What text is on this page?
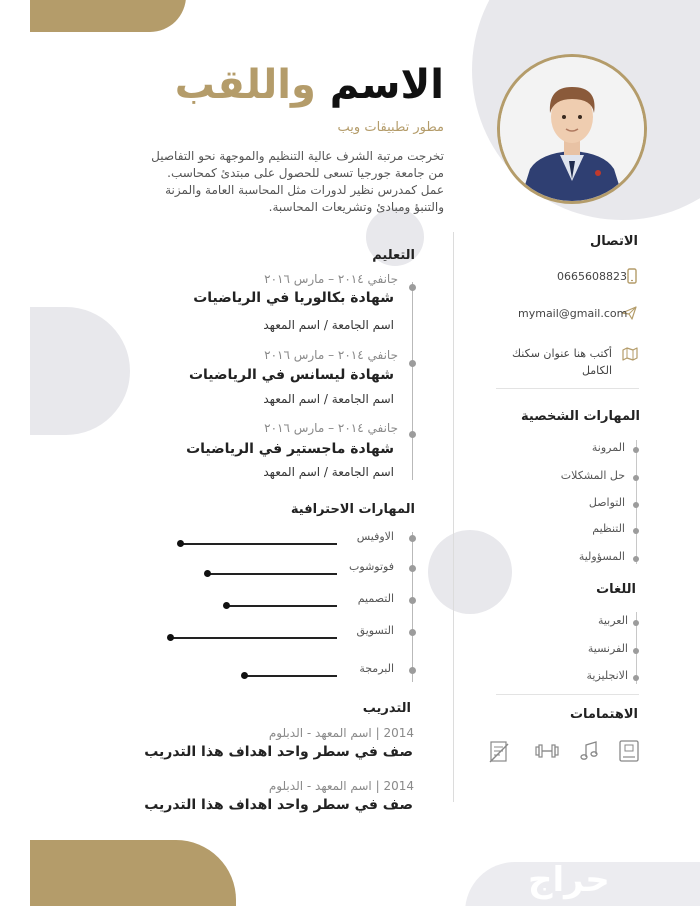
الاسم واللقب
مطور تطبيقات ويب
تخرجت مرتبة الشرف عالية التنظيم والموجهة نحو التفاصيل من جامعة جورجيا تسعى للحصول على مبتدئ كمحاسب. عمل كمدرس نظير لدورات مثل المحاسبة العامة والمزنة والتنبؤ ومبادئ وتشريعات المحاسبة.
التعليم
جانفي ٢٠١٤ – مارس ٢٠١٦
شهادة بكالوريا في الرياضيات
اسم الجامعة / اسم المعهد
جانفي ٢٠١٤ – مارس ٢٠١٦
شهادة ليسانس في الرياضيات
اسم الجامعة / اسم المعهد
جانفي ٢٠١٤ – مارس ٢٠١٦
شهادة ماجستير في الرياضيات
اسم الجامعة / اسم المعهد
المهارات الاحترافية
الاوفيس
فوتوشوب
التصميم
التسويق
البرمجة
التدريب
2014 | اسم المعهد - الدبلوم
صف في سطر واحد اهداف هذا التدريب
2014 | اسم المعهد - الدبلوم
صف في سطر واحد اهداف هذا التدريب
الاتصال
0665608823
mymail@gmail.com
أكتب هنا عنوان سكنك الكامل
المهارات الشخصية
المرونة
حل المشكلات
التواصل
التنظيم
المسؤولية
اللغات
العربية
الفرنسية
الانجليزية
الاهتمامات
حراج
